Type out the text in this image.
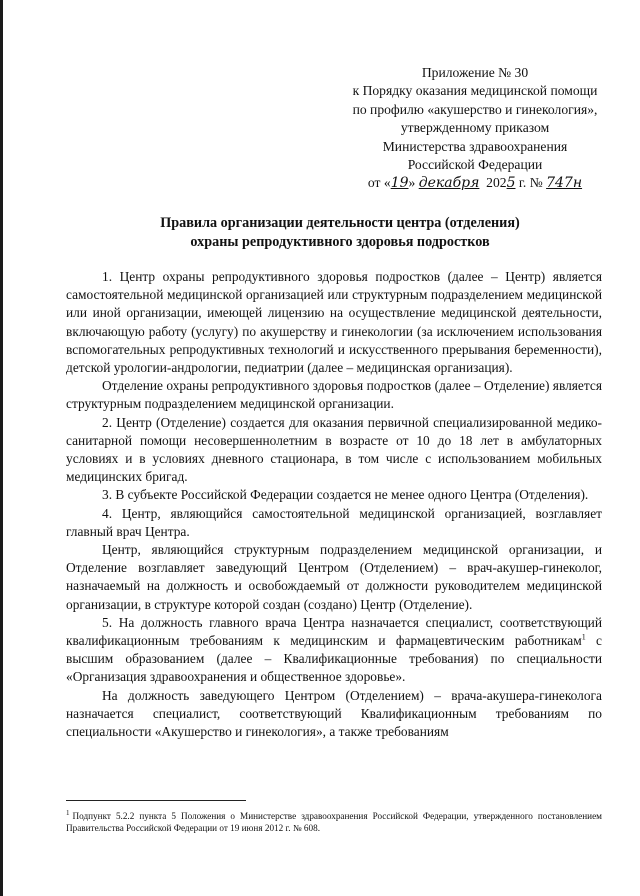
Приложение № 30
к Порядку оказания медицинской помощи
по профилю «акушерство и гинекология»,
утвержденному приказом
Министерства здравоохранения
Российской Федерации
от «19» декабря 2025 г. № 747н
Правила организации деятельности центра (отделения)
охраны репродуктивного здоровья подростков

1. Центр охраны репродуктивного здоровья подростков (далее – Центр) является самостоятельной медицинской организацией или структурным подразделением медицинской или иной организации, имеющей лицензию на осуществление медицинской деятельности, включающую работу (услугу) по акушерству и гинекологии (за исключением использования вспомогательных репродуктивных технологий и искусственного прерывания беременности), детской урологии-андрологии, педиатрии (далее – медицинская организация).

Отделение охраны репродуктивного здоровья подростков (далее – Отделение) является структурным подразделением медицинской организации.

2. Центр (Отделение) создается для оказания первичной специализированной медико-санитарной помощи несовершеннолетним в возрасте от 10 до 18 лет в амбулаторных условиях и в условиях дневного стационара, в том числе с использованием мобильных медицинских бригад.

3. В субъекте Российской Федерации создается не менее одного Центра (Отделения).

4. Центр, являющийся самостоятельной медицинской организацией, возглавляет главный врач Центра.

Центр, являющийся структурным подразделением медицинской организации, и Отделение возглавляет заведующий Центром (Отделением) – врач-акушер-гинеколог, назначаемый на должность и освобождаемый от должности руководителем медицинской организации, в структуре которой создан (создано) Центр (Отделение).

5. На должность главного врача Центра назначается специалист, соответствующий квалификационным требованиям к медицинским и фармацевтическим работникам$^1$ с высшим образованием (далее – Квалификационные требования) по специальности «Организация здравоохранения и общественное здоровье».

На должность заведующего Центром (Отделением) – врача-акушера-гинеколога назначается специалист, соответствующий Квалификационным требованиям по специальности «Акушерство и гинекология», а также требованиям

$^1$ Подпункт 5.2.2 пункта 5 Положения о Министерстве здравоохранения Российской Федерации, утвержденного постановлением Правительства Российской Федерации от 19 июня 2012 г. № 608.
